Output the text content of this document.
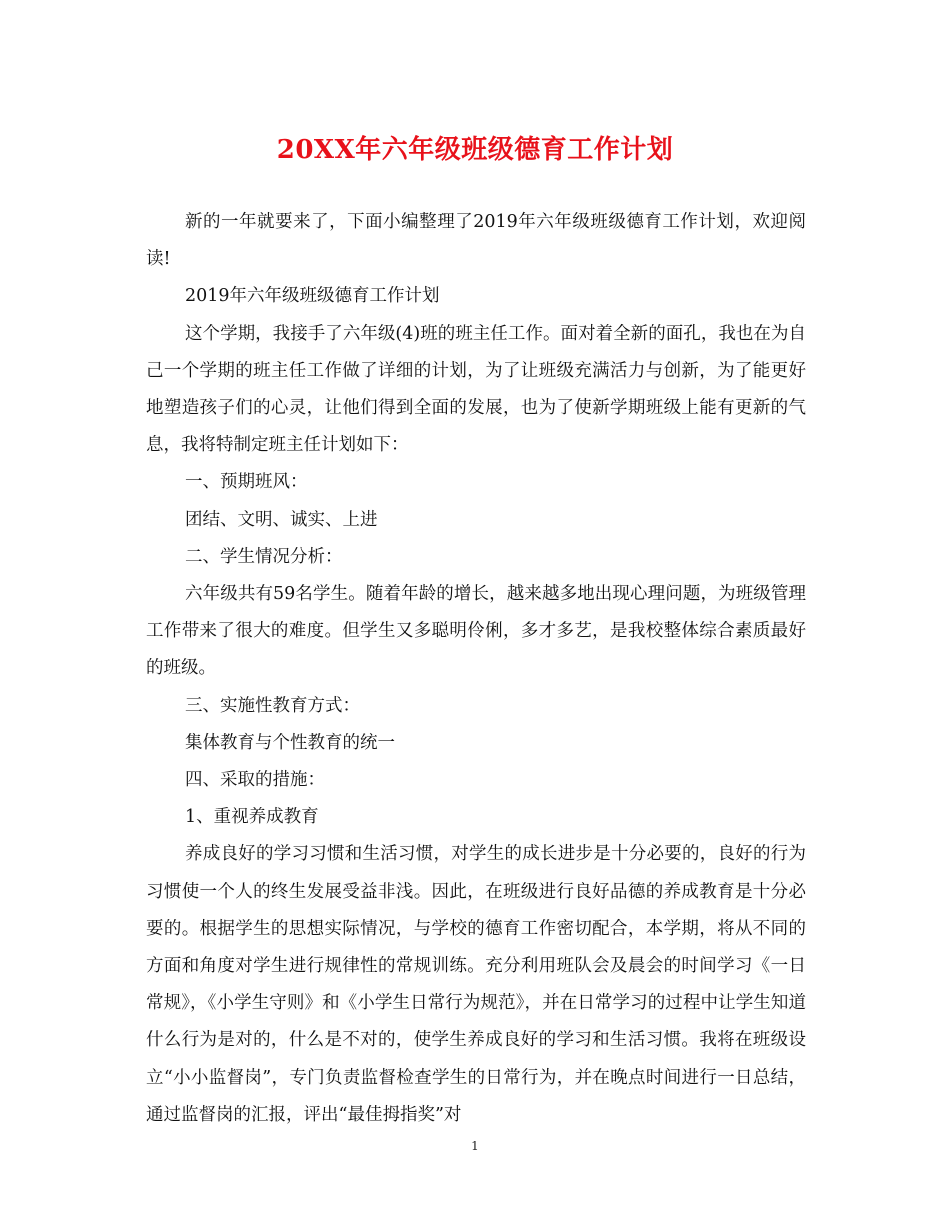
20XX年六年级班级德育工作计划

新的一年就要来了，下面小编整理了2019年六年级班级德育工作计划，欢迎阅读!

2019年六年级班级德育工作计划

这个学期，我接手了六年级(4)班的班主任工作。面对着全新的面孔，我也在为自己一个学期的班主任工作做了详细的计划，为了让班级充满活力与创新，为了能更好地塑造孩子们的心灵，让他们得到全面的发展，也为了使新学期班级上能有更新的气息，我将特制定班主任计划如下：

一、预期班风：

团结、文明、诚实、上进

二、学生情况分析：

六年级共有59名学生。随着年龄的增长，越来越多地出现心理问题，为班级管理工作带来了很大的难度。但学生又多聪明伶俐，多才多艺，是我校整体综合素质最好的班级。

三、实施性教育方式：

集体教育与个性教育的统一

四、采取的措施：

1、重视养成教育

养成良好的学习习惯和生活习惯，对学生的成长进步是十分必要的，良好的行为习惯使一个人的终生发展受益非浅。因此，在班级进行良好品德的养成教育是十分必要的。根据学生的思想实际情况，与学校的德育工作密切配合，本学期，将从不同的方面和角度对学生进行规律性的常规训练。充分利用班队会及晨会的时间学习《一日常规》，《小学生守则》和《小学生日常行为规范》，并在日常学习的过程中让学生知道什么行为是对的，什么是不对的，使学生养成良好的学习和生活习惯。我将在班级设立“小小监督岗”，专门负责监督检查学生的日常行为，并在晚点时间进行一日总结，通过监督岗的汇报，评出“最佳拇指奖”对

1
